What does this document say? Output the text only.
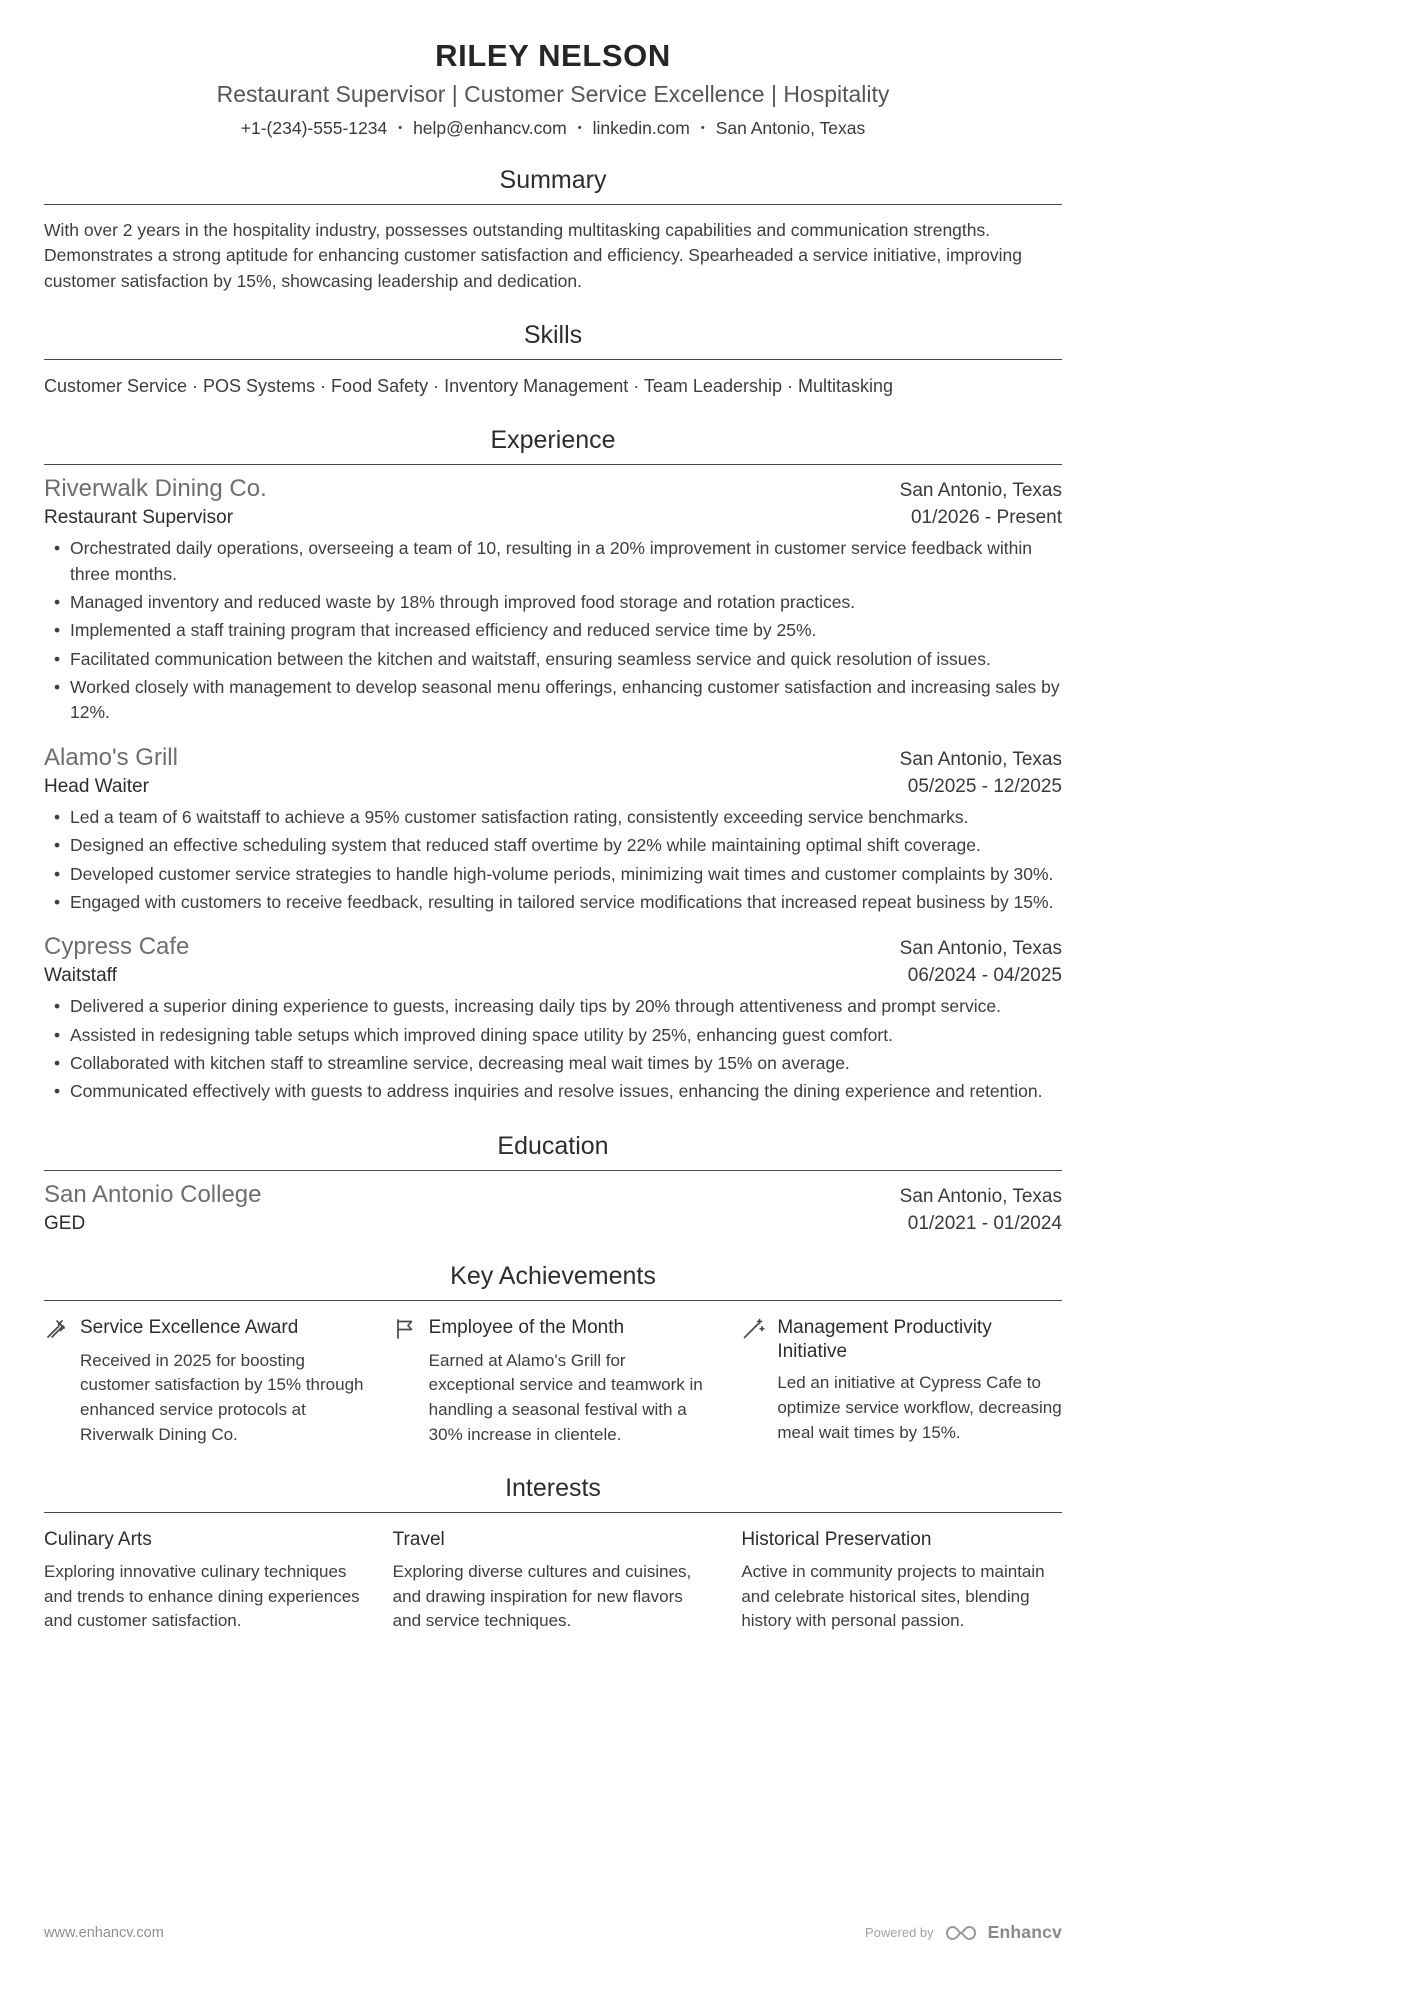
RILEY NELSON
Restaurant Supervisor | Customer Service Excellence | Hospitality
+1-(234)-555-1234 • help@enhancv.com • linkedin.com • San Antonio, Texas
Summary

With over 2 years in the hospitality industry, possesses outstanding multitasking capabilities and communication strengths. Demonstrates a strong aptitude for enhancing customer satisfaction and efficiency. Spearheaded a service initiative, improving customer satisfaction by 15%, showcasing leadership and dedication.

Skills

Customer Service · POS Systems · Food Safety · Inventory Management · Team Leadership · Multitasking

Experience
Riverwalk Dining Co.	San Antonio, Texas
Restaurant Supervisor	01/2026 - Present
• Orchestrated daily operations, overseeing a team of 10, resulting in a 20% improvement in customer service feedback within three months.
• Managed inventory and reduced waste by 18% through improved food storage and rotation practices.
• Implemented a staff training program that increased efficiency and reduced service time by 25%.
• Facilitated communication between the kitchen and waitstaff, ensuring seamless service and quick resolution of issues.
• Worked closely with management to develop seasonal menu offerings, enhancing customer satisfaction and increasing sales by 12%.
Alamo's Grill	San Antonio, Texas
Head Waiter	05/2025 - 12/2025
• Led a team of 6 waitstaff to achieve a 95% customer satisfaction rating, consistently exceeding service benchmarks.
• Designed an effective scheduling system that reduced staff overtime by 22% while maintaining optimal shift coverage.
• Developed customer service strategies to handle high-volume periods, minimizing wait times and customer complaints by 30%.
• Engaged with customers to receive feedback, resulting in tailored service modifications that increased repeat business by 15%.
Cypress Cafe	San Antonio, Texas
Waitstaff	06/2024 - 04/2025
• Delivered a superior dining experience to guests, increasing daily tips by 20% through attentiveness and prompt service.
• Assisted in redesigning table setups which improved dining space utility by 25%, enhancing guest comfort.
• Collaborated with kitchen staff to streamline service, decreasing meal wait times by 15% on average.
• Communicated effectively with guests to address inquiries and resolve issues, enhancing the dining experience and retention.
Education
San Antonio College	San Antonio, Texas
GED	01/2021 - 01/2024
Key Achievements
Service Excellence Award

Received in 2025 for boosting customer satisfaction by 15% through enhanced service protocols at Riverwalk Dining Co.

Employee of the Month

Earned at Alamo's Grill for exceptional service and teamwork in handling a seasonal festival with a 30% increase in clientele.

Management Productivity Initiative

Led an initiative at Cypress Cafe to optimize service workflow, decreasing meal wait times by 15%.

Interests
Culinary Arts

Exploring innovative culinary techniques and trends to enhance dining experiences and customer satisfaction.

Travel

Exploring diverse cultures and cuisines, and drawing inspiration for new flavors and service techniques.

Historical Preservation

Active in community projects to maintain and celebrate historical sites, blending history with personal passion.

www.enhancv.com	Powered by	Enhancv
